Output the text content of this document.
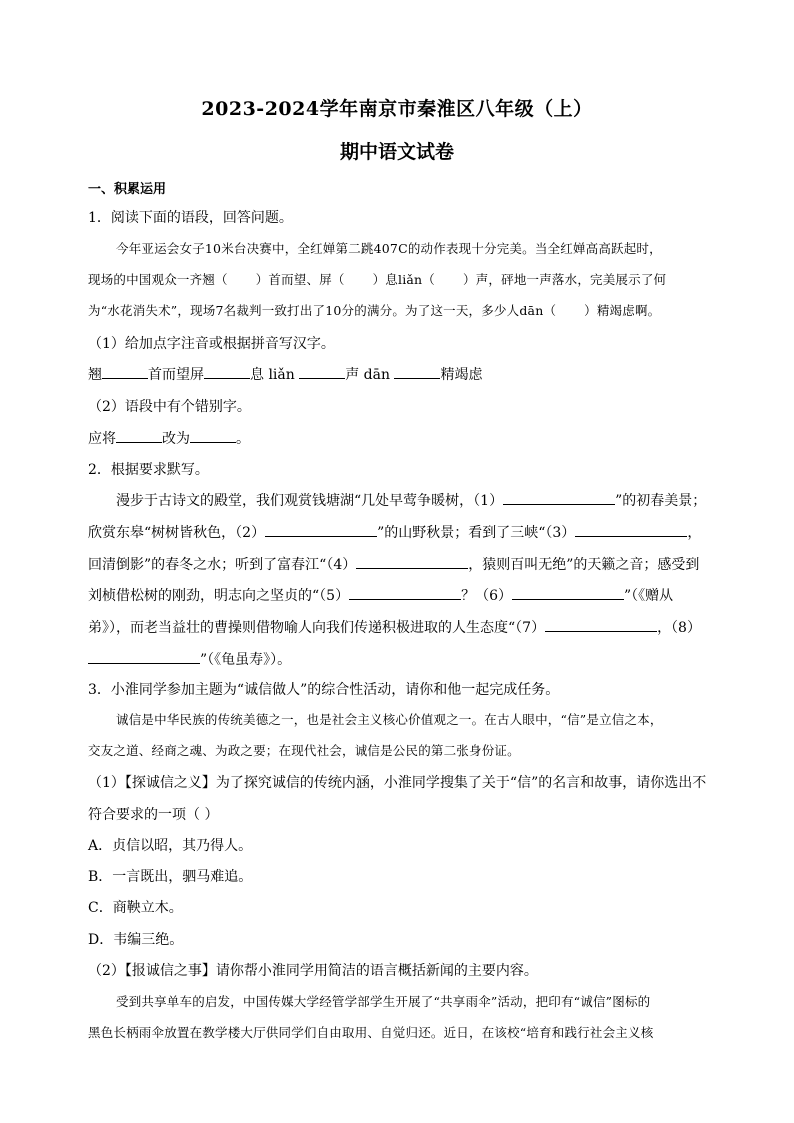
2023-2024学年南京市秦淮区八年级（上）
期中语文试卷
一、积累运用
1．阅读下面的语段，回答问题。
今年亚运会女子10米台决赛中，全红婵第二跳407C的动作表现十分完美。当全红婵高高跃起时，
现场的中国观众一齐翘（ ）首而望、屏（ ）息liǎn（ ）声，砰地一声落水，完美展示了何
为“水花消失术”，现场7名裁判一致打出了10分的满分。为了这一天，多少人dān（ ）精竭虑啊。
（1）给加点字注音或根据拼音写汉字。
翘	首而望屏	息 liǎn	声 dān	精竭虑
（2）语段中有个错别字。
应将	改为	。
2．根据要求默写。
漫步于古诗文的殿堂，我们观赏钱塘湖“几处早莺争暖树，（1）	”的初春美景；
欣赏东皋“树树皆秋色，（2）	”的山野秋景；看到了三峡“（3）	，
回清倒影”的春冬之水；听到了富春江“（4）	，猿则百叫无绝”的天籁之音；感受到
刘桢借松树的刚劲，明志向之坚贞的“（5）	？（6）	”（《赠从
弟》），而老当益壮的曹操则借物喻人向我们传递积极进取的人生态度“（7）	，（8）
”（《龟虽寿》）。
3．小淮同学参加主题为“诚信做人”的综合性活动，请你和他一起完成任务。
诚信是中华民族的传统美德之一，也是社会主义核心价值观之一。在古人眼中，“信”是立信之本，
交友之道、经商之魂、为政之要；在现代社会，诚信是公民的第二张身份证。
（1）【探诚信之义】为了探究诚信的传统内涵，小淮同学搜集了关于“信”的名言和故事，请你选出不
符合要求的一项（ ）
A．贞信以昭，其乃得人。
B．一言既出，驷马难追。
C．商鞅立木。
D．韦编三绝。
（2）【报诚信之事】请你帮小淮同学用简洁的语言概括新闻的主要内容。
受到共享单车的启发，中国传媒大学经管学部学生开展了“共享雨伞”活动，把印有“诚信”图标的
黑色长柄雨伞放置在教学楼大厅供同学们自由取用、自觉归还。近日，在该校“培育和践行社会主义核
